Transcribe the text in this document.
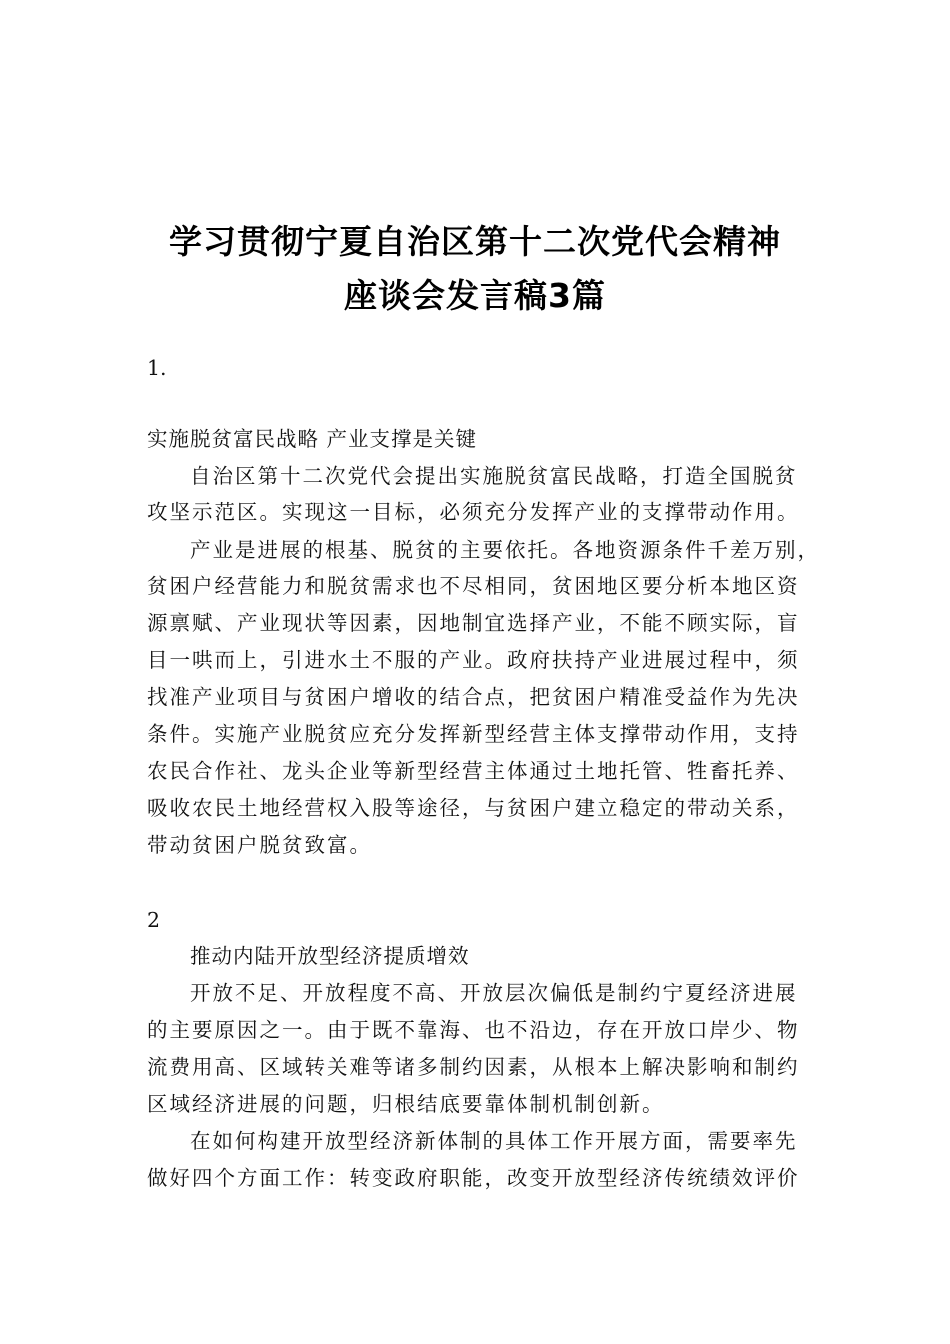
学习贯彻宁夏自治区第十二次党代会精神
座谈会发言稿3篇
1.
实施脱贫富民战略 产业支撑是关键
自治区第十二次党代会提出实施脱贫富民战略，打造全国脱贫
攻坚示范区。实现这一目标，必须充分发挥产业的支撑带动作用。
产业是进展的根基、脱贫的主要依托。各地资源条件千差万别，
贫困户经营能力和脱贫需求也不尽相同，贫困地区要分析本地区资
源禀赋、产业现状等因素，因地制宜选择产业，不能不顾实际，盲
目一哄而上，引进水土不服的产业。政府扶持产业进展过程中，须
找准产业项目与贫困户增收的结合点，把贫困户精准受益作为先决
条件。实施产业脱贫应充分发挥新型经营主体支撑带动作用，支持
农民合作社、龙头企业等新型经营主体通过土地托管、牲畜托养、
吸收农民土地经营权入股等途径，与贫困户建立稳定的带动关系，
带动贫困户脱贫致富。
2
推动内陆开放型经济提质增效
开放不足、开放程度不高、开放层次偏低是制约宁夏经济进展
的主要原因之一。由于既不靠海、也不沿边，存在开放口岸少、物
流费用高、区域转关难等诸多制约因素，从根本上解决影响和制约
区域经济进展的问题，归根结底要靠体制机制创新。
在如何构建开放型经济新体制的具体工作开展方面，需要率先
做好四个方面工作：转变政府职能，改变开放型经济传统绩效评价
